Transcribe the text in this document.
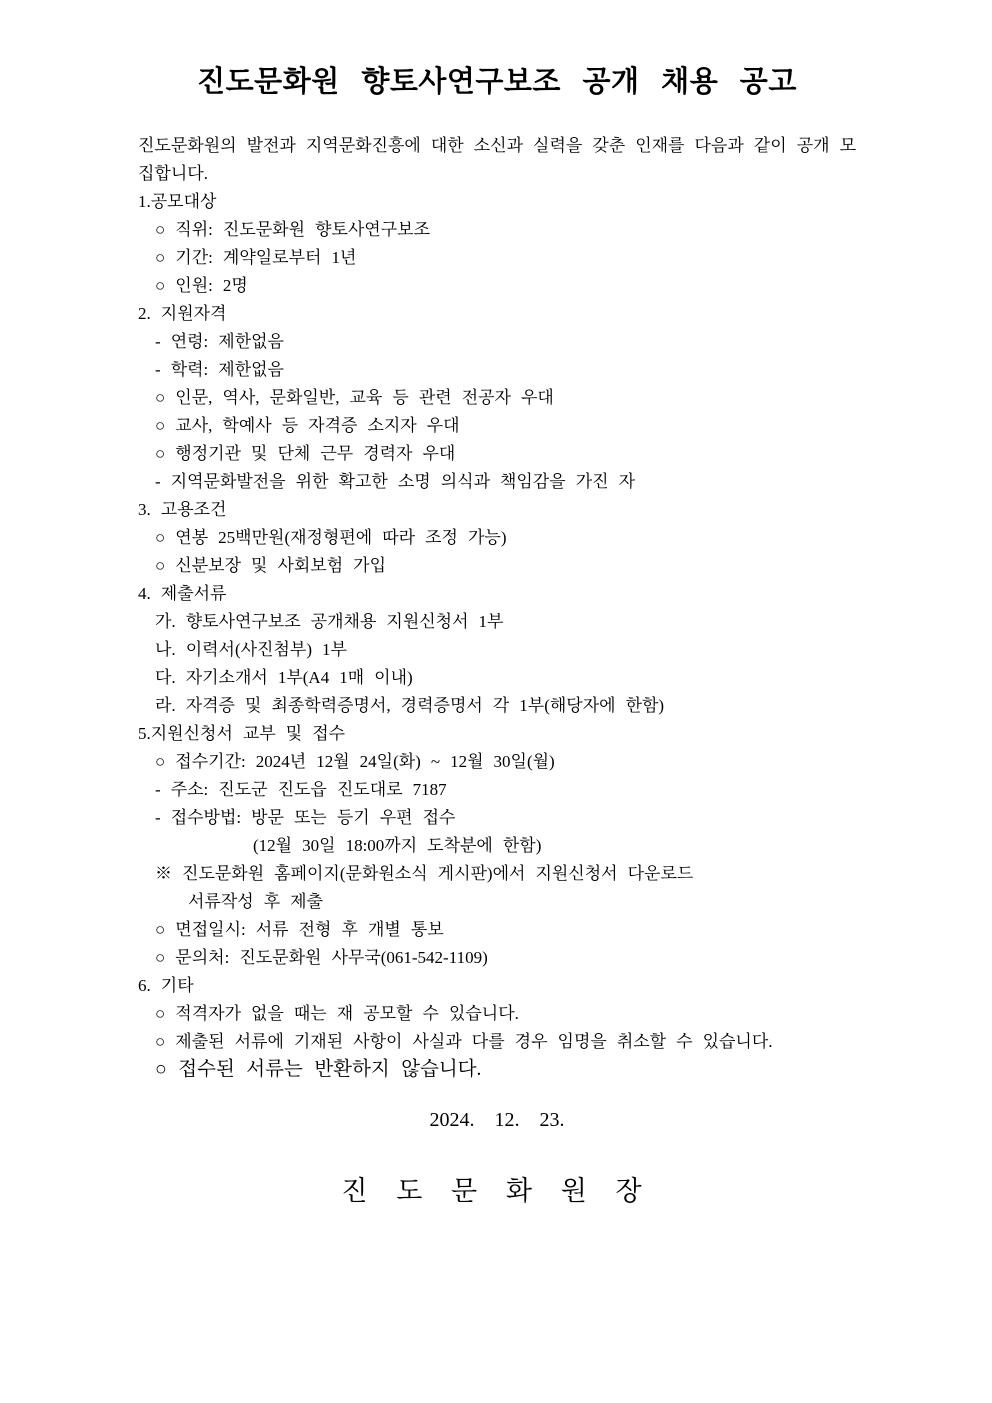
진도문화원 향토사연구보조 공개 채용 공고

진도문화원의 발전과 지역문화진흥에 대한 소신과 실력을 갖춘 인재를 다음과 같이 공개 모집합니다.

1.공모대상
○ 직위: 진도문화원 향토사연구보조
○ 기간: 계약일로부터 1년
○ 인원: 2명
2. 지원자격
- 연령: 제한없음
- 학력: 제한없음
○ 인문, 역사, 문화일반, 교육 등 관련 전공자 우대
○ 교사, 학예사 등 자격증 소지자 우대
○ 행정기관 및 단체 근무 경력자 우대
- 지역문화발전을 위한 확고한 소명 의식과 책임감을 가진 자
3. 고용조건
○ 연봉 25백만원(재정형편에 따라 조정 가능)
○ 신분보장 및 사회보험 가입
4. 제출서류
가. 향토사연구보조 공개채용 지원신청서 1부
나. 이력서(사진첨부) 1부
다. 자기소개서 1부(A4 1매 이내)
라. 자격증 및 최종학력증명서, 경력증명서 각 1부(해당자에 한함)
5.지원신청서 교부 및 접수
○ 접수기간: 2024년 12월 24일(화) ~ 12월 30일(월)
- 주소: 진도군 진도읍 진도대로 7187
- 접수방법: 방문 또는 등기 우편 접수
(12월 30일 18:00까지 도착분에 한함)
※ 진도문화원 홈페이지(문화원소식 게시판)에서 지원신청서 다운로드
서류작성 후 제출
○ 면접일시: 서류 전형 후 개별 통보
○ 문의처: 진도문화원 사무국(061-542-1109)
6. 기타
○ 적격자가 없을 때는 재 공모할 수 있습니다.
○ 제출된 서류에 기재된 사항이 사실과 다를 경우 임명을 취소할 수 있습니다.
○ 접수된 서류는 반환하지 않습니다.
2024.  12.  23.
진 도 문 화 원 장
